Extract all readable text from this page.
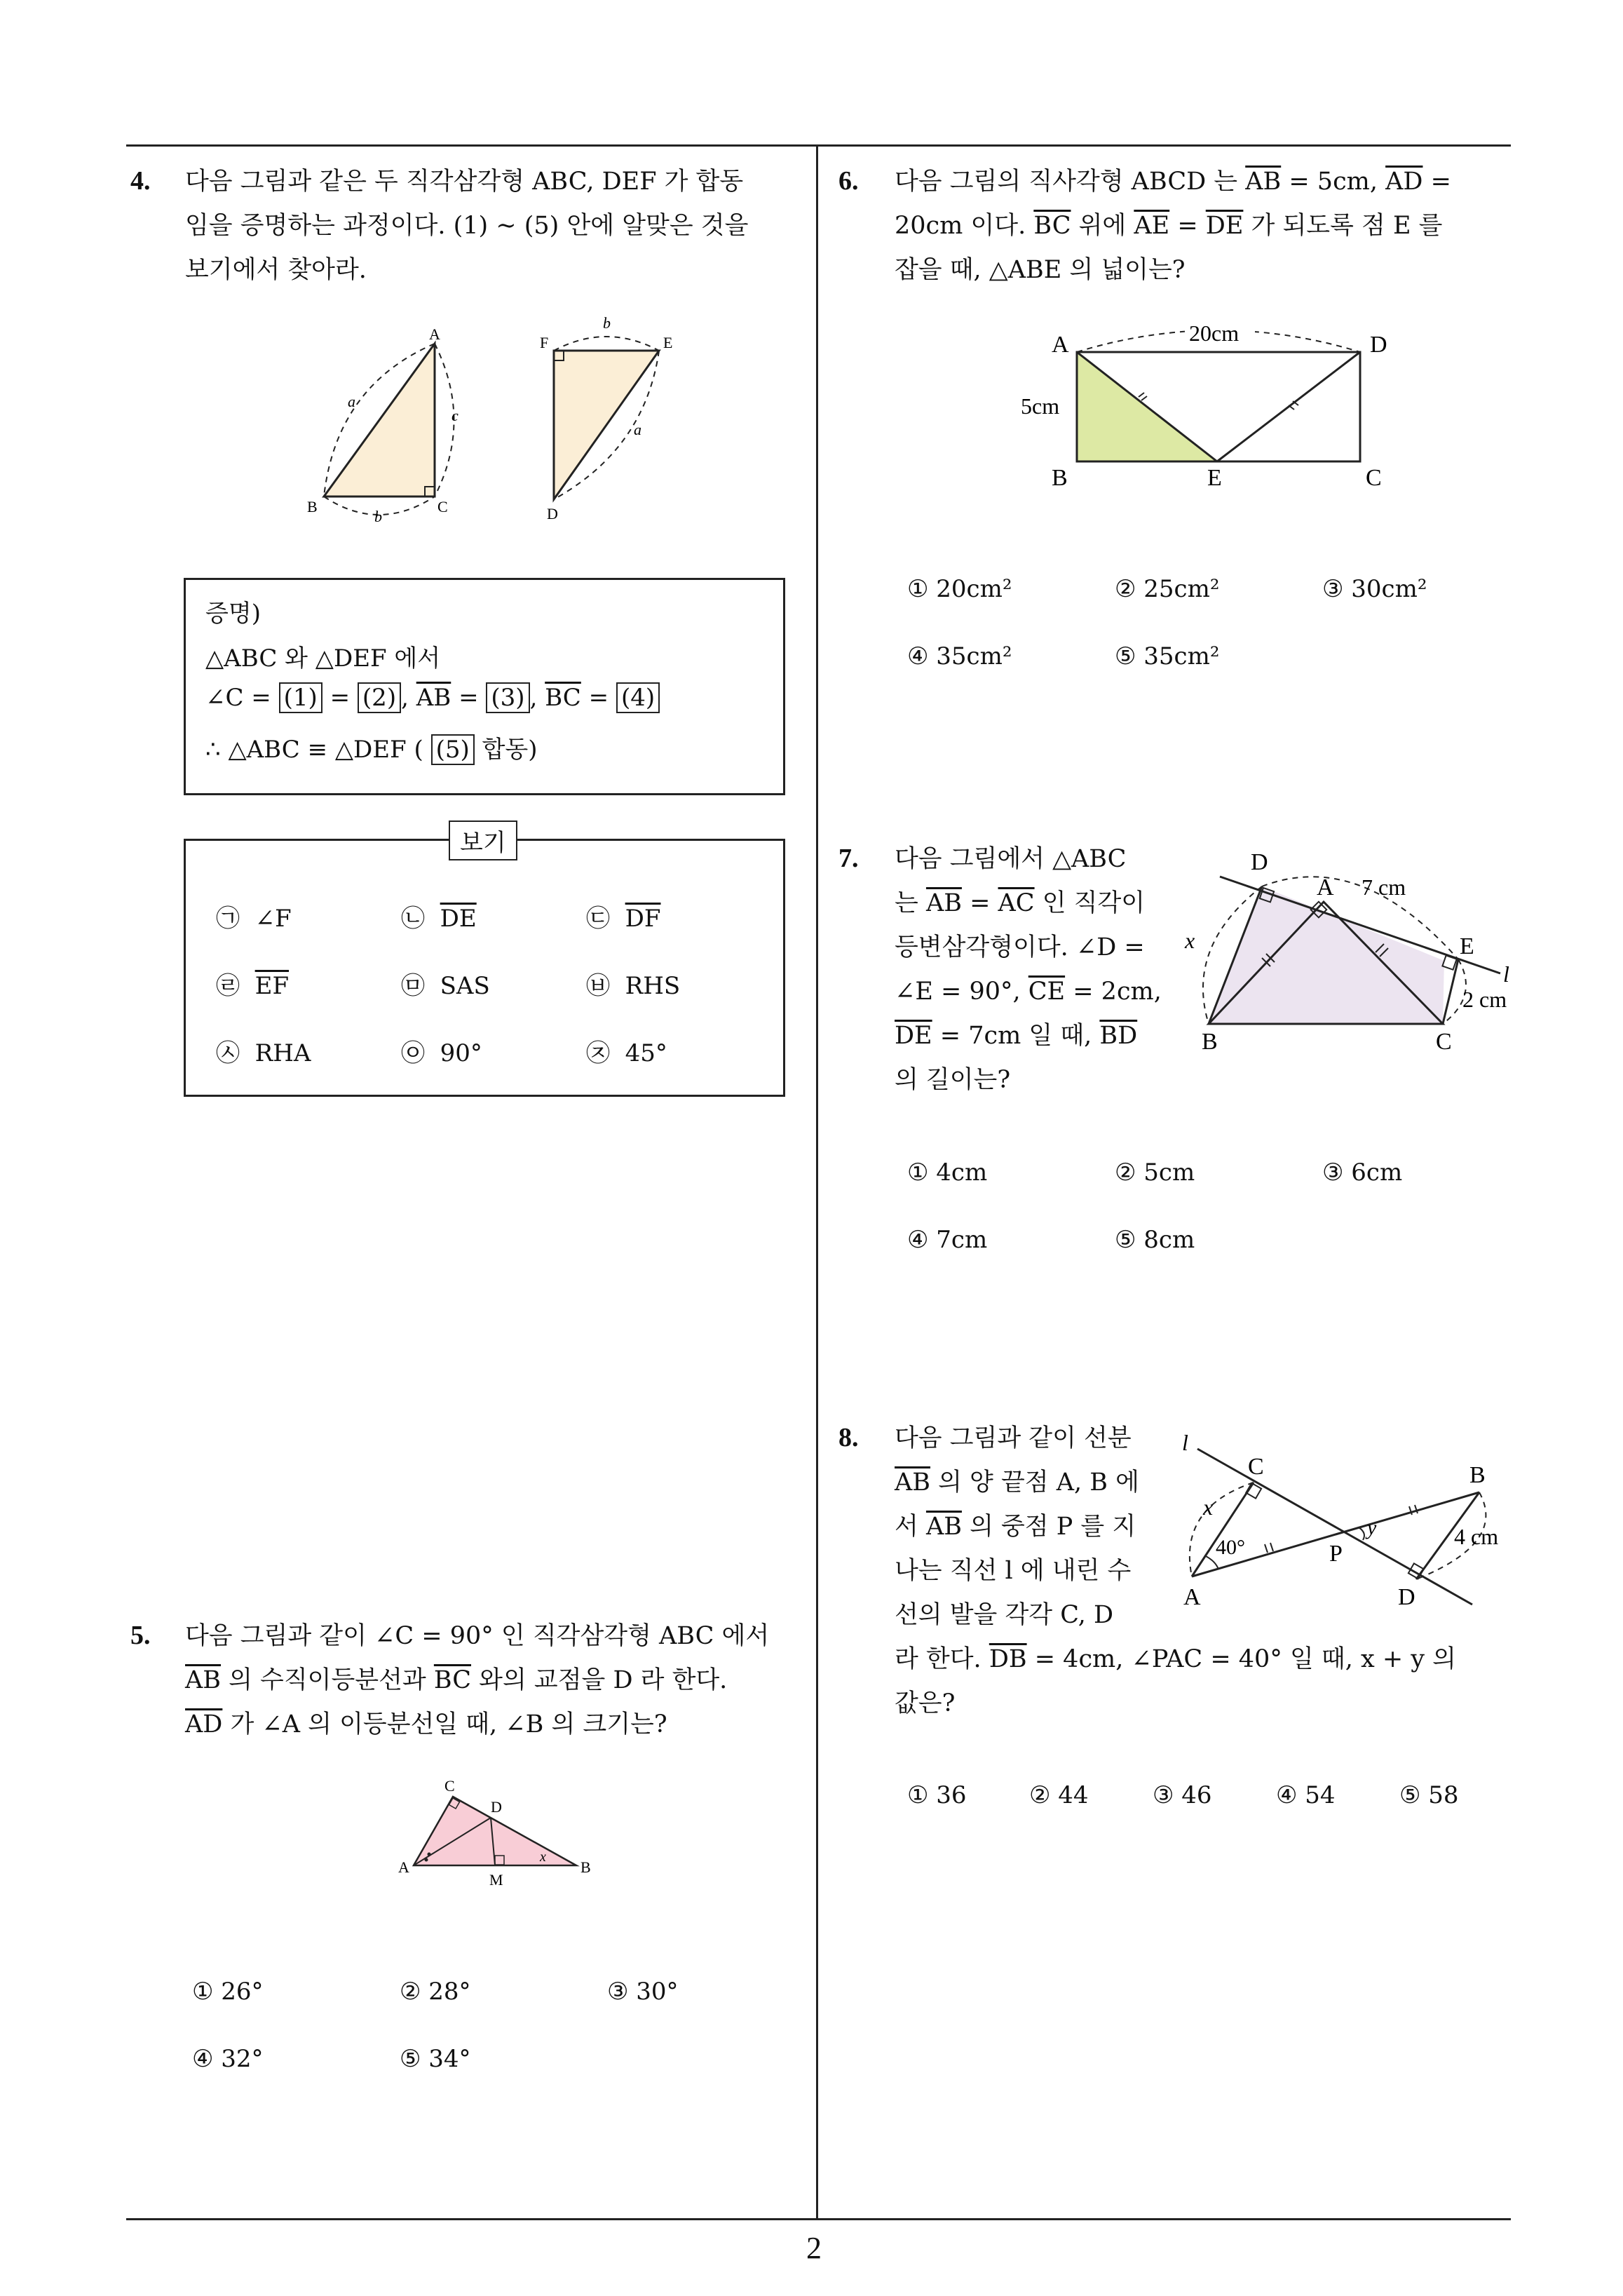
2
4. 다음 그림과 같은 두 직각삼각형 ABC, DEF 가 합동
임을 증명하는 과정이다. (1) ∼ (5) 안에 알맞은 것을
보기에서 찾아라.
A
B	C
a
c
b
F	E
D
b
a
증명)
△ABC 와 △DEF 에서
∠C = (1) = (2) , $\overline{AB} = (3)$ , $\overline{BC} = (4)$
∴ △ABC ≡ △DEF ( (5) 합동)
보기
㉠ ∠F	㉡ $\overline{DE}$	㉢ $\overline{DF}$
㉣ $\overline{EF}$	㉤ SAS	㉥ RHS
㉦ RHA	㉧ 90°	㉨ 45°
5. 다음 그림과 같이 ∠C = 90° 인 직각삼각형 ABC 에서
$\overline{AB}$ 의 수직이등분선과 $\overline{BC}$ 와의 교점을 D 라 한다.
$\overline{AD}$ 가 ∠A 의 이등분선일 때, ∠B 의 크기는?
A	B
C
D
M
x
① 26°	② 28°	③ 30°
④ 32°	⑤ 34°
6. 다음 그림의 직사각형 ABCD 는 $\overline{AB} = 5cm$, $\overline{AD}$ =
20cm 이다. $\overline{BC}$ 위에 $\overline{AE} = \overline{DE}$ 가 되도록 점 E 를
잡을 때, △ABE 의 넓이는?
20cm
5cm
A	D
B	E	C
① 20cm²	② 25cm²	③ 30cm²
④ 35cm²	⑤ 35cm²
7. 다음 그림에서 △ABC
는 $\overline{AB} = \overline{AC}$ 인 직각이
등변삼각형이다. ∠D =
∠E = 90°, $\overline{CE} = 2cm$,
$\overline{DE} = 7cm$ 일 때, $\overline{BD}$
의 길이는?
D
A 7 cm
E
l
2 cm
x
B	C
① 4cm	② 5cm	③ 6cm
④ 7cm	⑤ 8cm
8. 다음 그림과 같이 선분
$\overline{AB}$ 의 양 끝점 A, B 에
서 $\overline{AB}$ 의 중점 P 를 지
나는 직선 l 에 내린 수
선의 발을 각각 C, D
라 한다. $\overline{DB} = 4cm$, ∠PAC = 40° 일 때, x + y 의
값은?
l
C	B
x
40°
y
P
4 cm
D
A
① 36	② 44	③ 46	④ 54	⑤ 58
